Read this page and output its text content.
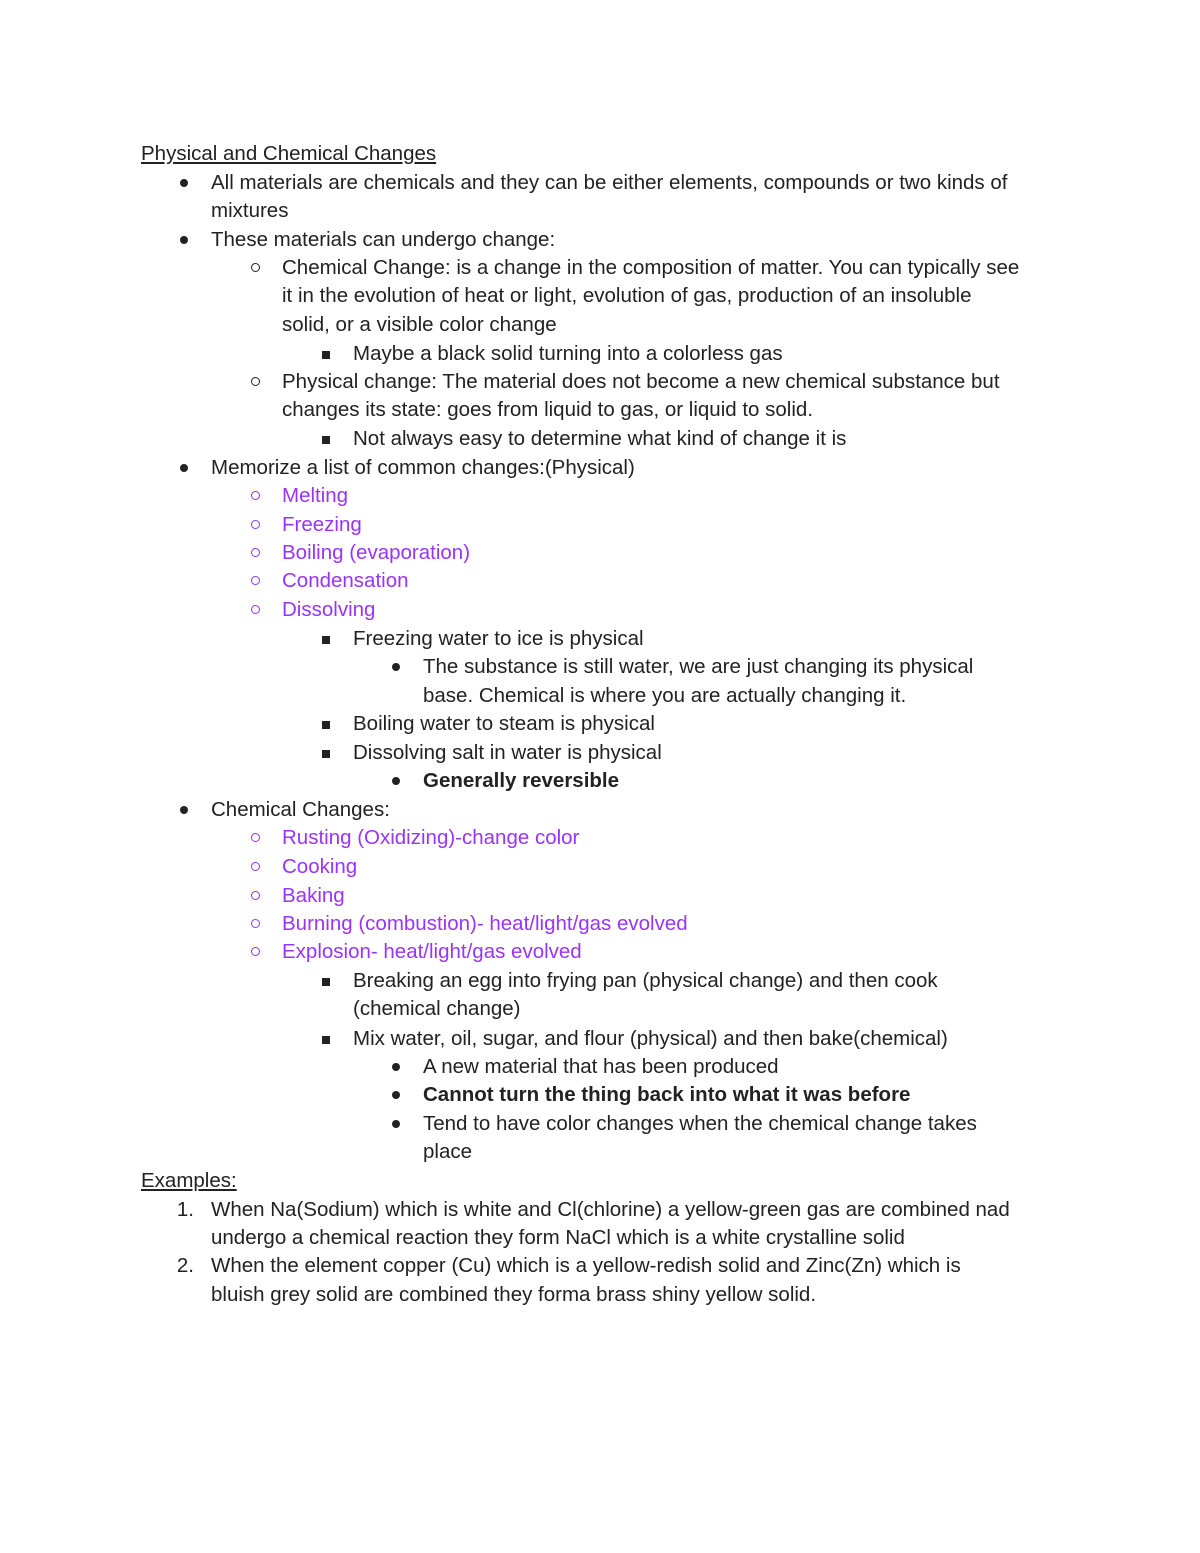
Physical and Chemical Changes
All materials are chemicals and they can be either elements, compounds or two kinds of
mixtures
These materials can undergo change:
Chemical Change: is a change in the composition of matter. You can typically see
it in the evolution of heat or light, evolution of gas, production of an insoluble
solid, or a visible color change
Maybe a black solid turning into a colorless gas
Physical change: The material does not become a new chemical substance but
changes its state: goes from liquid to gas, or liquid to solid.
Not always easy to determine what kind of change it is
Memorize a list of common changes:(Physical)
Melting
Freezing
Boiling (evaporation)
Condensation
Dissolving
Freezing water to ice is physical
The substance is still water, we are just changing its physical
base. Chemical is where you are actually changing it.
Boiling water to steam is physical
Dissolving salt in water is physical
Generally reversible
Chemical Changes:
Rusting (Oxidizing)-change color
Cooking
Baking
Burning (combustion)- heat/light/gas evolved
Explosion- heat/light/gas evolved
Breaking an egg into frying pan (physical change) and then cook
(chemical change)
Mix water, oil, sugar, and flour (physical) and then bake(chemical)
A new material that has been produced
Cannot turn the thing back into what it was before
Tend to have color changes when the chemical change takes
place
Examples:
1. When Na(Sodium) which is white and Cl(chlorine) a yellow-green gas are combined nad
undergo a chemical reaction they form NaCl which is a white crystalline solid
2. When the element copper (Cu) which is a yellow-redish solid and Zinc(Zn) which is
bluish grey solid are combined they forma brass shiny yellow solid.
